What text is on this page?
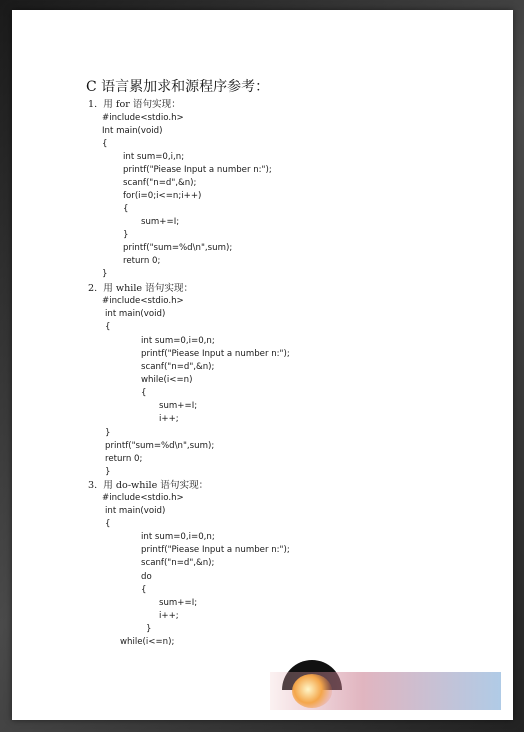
C 语言累加求和源程序参考：
1.  用 for 语句实现：
#include<stdio.h>
Int main(void)
{
int sum=0,i,n;
printf("Piease Input a number n:");
scanf("n=d",&n);
for(i=0;i<=n;i++)
{
sum+=I;
}
printf("sum=%d\n",sum);
return 0;
}
2.  用 while 语句实现：
#include<stdio.h>
int main(void)
{
int sum=0,i=0,n;
printf("Piease Input a number n:");
scanf("n=d",&n);
while(i<=n)
{
sum+=I;
i++;
}
printf("sum=%d\n",sum);
return 0;
}
3.  用 do-while 语句实现：
#include<stdio.h>
int main(void)
{
int sum=0,i=0,n;
printf("Piease Input a number n:");
scanf("n=d",&n);
do
{
sum+=I;
i++;
}
while(i<=n);
